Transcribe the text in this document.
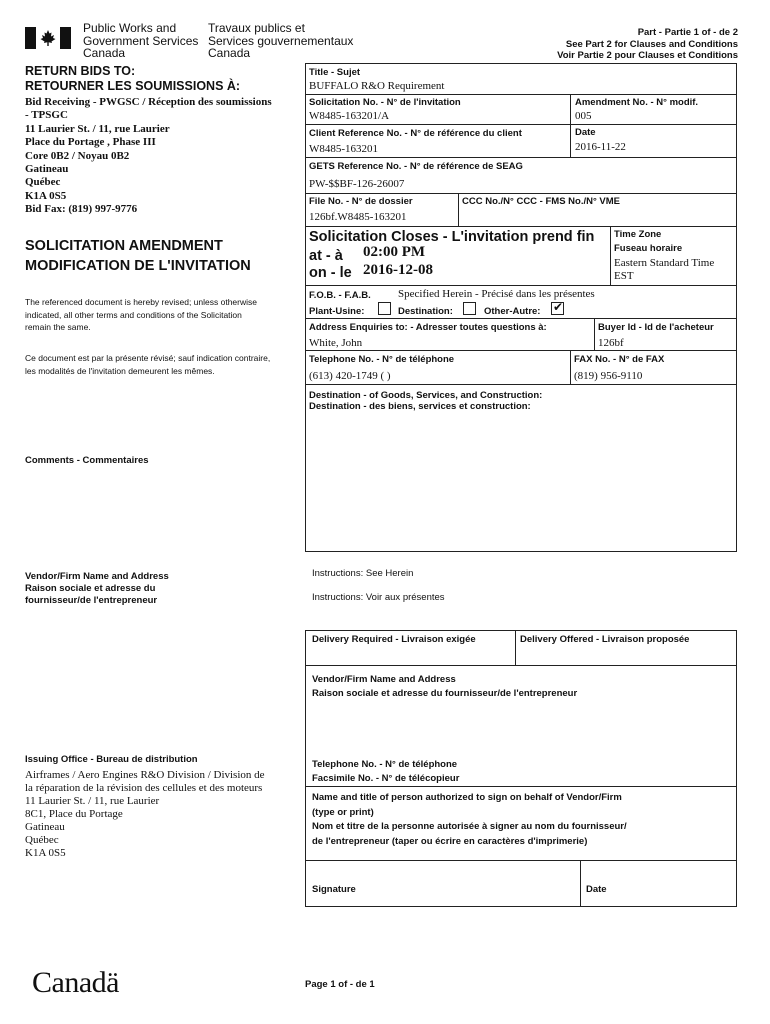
Public Works and
Government Services
Canada
Travaux publics et
Services gouvernementaux
Canada
Part - Partie 1 of - de 2
See Part 2 for Clauses and Conditions
Voir Partie 2 pour Clauses et Conditions
RETURN BIDS TO:
RETOURNER LES SOUMISSIONS À:
Bid Receiving - PWGSC / Réception des soumissions
- TPSGC
11 Laurier St. / 11, rue Laurier
Place du Portage , Phase III
Core 0B2 / Noyau 0B2
Gatineau
Québec
K1A 0S5
Bid Fax: (819) 997-9776
SOLICITATION AMENDMENT
MODIFICATION DE L'INVITATION
The referenced document is hereby revised; unless otherwise
indicated, all other terms and conditions of the Solicitation
remain the same.
Ce document est par la présente révisé; sauf indication contraire,
les modalités de l'invitation demeurent les mêmes.
Comments - Commentaires
Vendor/Firm Name and Address
Raison sociale et adresse du
fournisseur/de l'entrepreneur
Issuing Office - Bureau de distribution
Airframes / Aero Engines R&O Division / Division de
la réparation de la révision des cellules et des moteurs
11 Laurier St. / 11, rue Laurier
8C1, Place du Portage
Gatineau
Québec
K1A 0S5
Title - Sujet
BUFFALO R&O Requirement
Solicitation No. - N° de l'invitation
W8485-163201/A
Amendment No. - N° modif.
005
Client Reference No. - N° de référence du client
W8485-163201
Date
2016-11-22
GETS Reference No. - N° de référence de SEAG
PW-$$BF-126-26007
File No. - N° de dossier
126bf.W8485-163201
CCC No./N° CCC - FMS No./N° VME
Solicitation Closes - L'invitation prend fin
at - à 02:00 PM
on - le 2016-12-08
Time Zone
Fuseau horaire
Eastern Standard Time
EST
F.O.B. - F.A.B. Specified Herein - Précisé dans les présentes
Plant-Usine:	Destination:	Other-Autre: ✔
Address Enquiries to: - Adresser toutes questions à:
White, John
Buyer Id - Id de l'acheteur
126bf
Telephone No. - N° de téléphone
(613) 420-1749 ( )
FAX No. - N° de FAX
(819) 956-9110
Destination - of Goods, Services, and Construction:
Destination - des biens, services et construction:
Instructions: See Herein
Instructions: Voir aux présentes
Delivery Required - Livraison exigée	Delivery Offered - Livraison proposée
Vendor/Firm Name and Address
Raison sociale et adresse du fournisseur/de l'entrepreneur
Telephone No. - N° de téléphone
Facsimile No. - N° de télécopieur
Name and title of person authorized to sign on behalf of Vendor/Firm
(type or print)
Nom et titre de la personne autorisée à signer au nom du fournisseur/
de l'entrepreneur (taper ou écrire en caractères d'imprimerie)
Signature	Date
Canadä	Page 1 of - de 1
